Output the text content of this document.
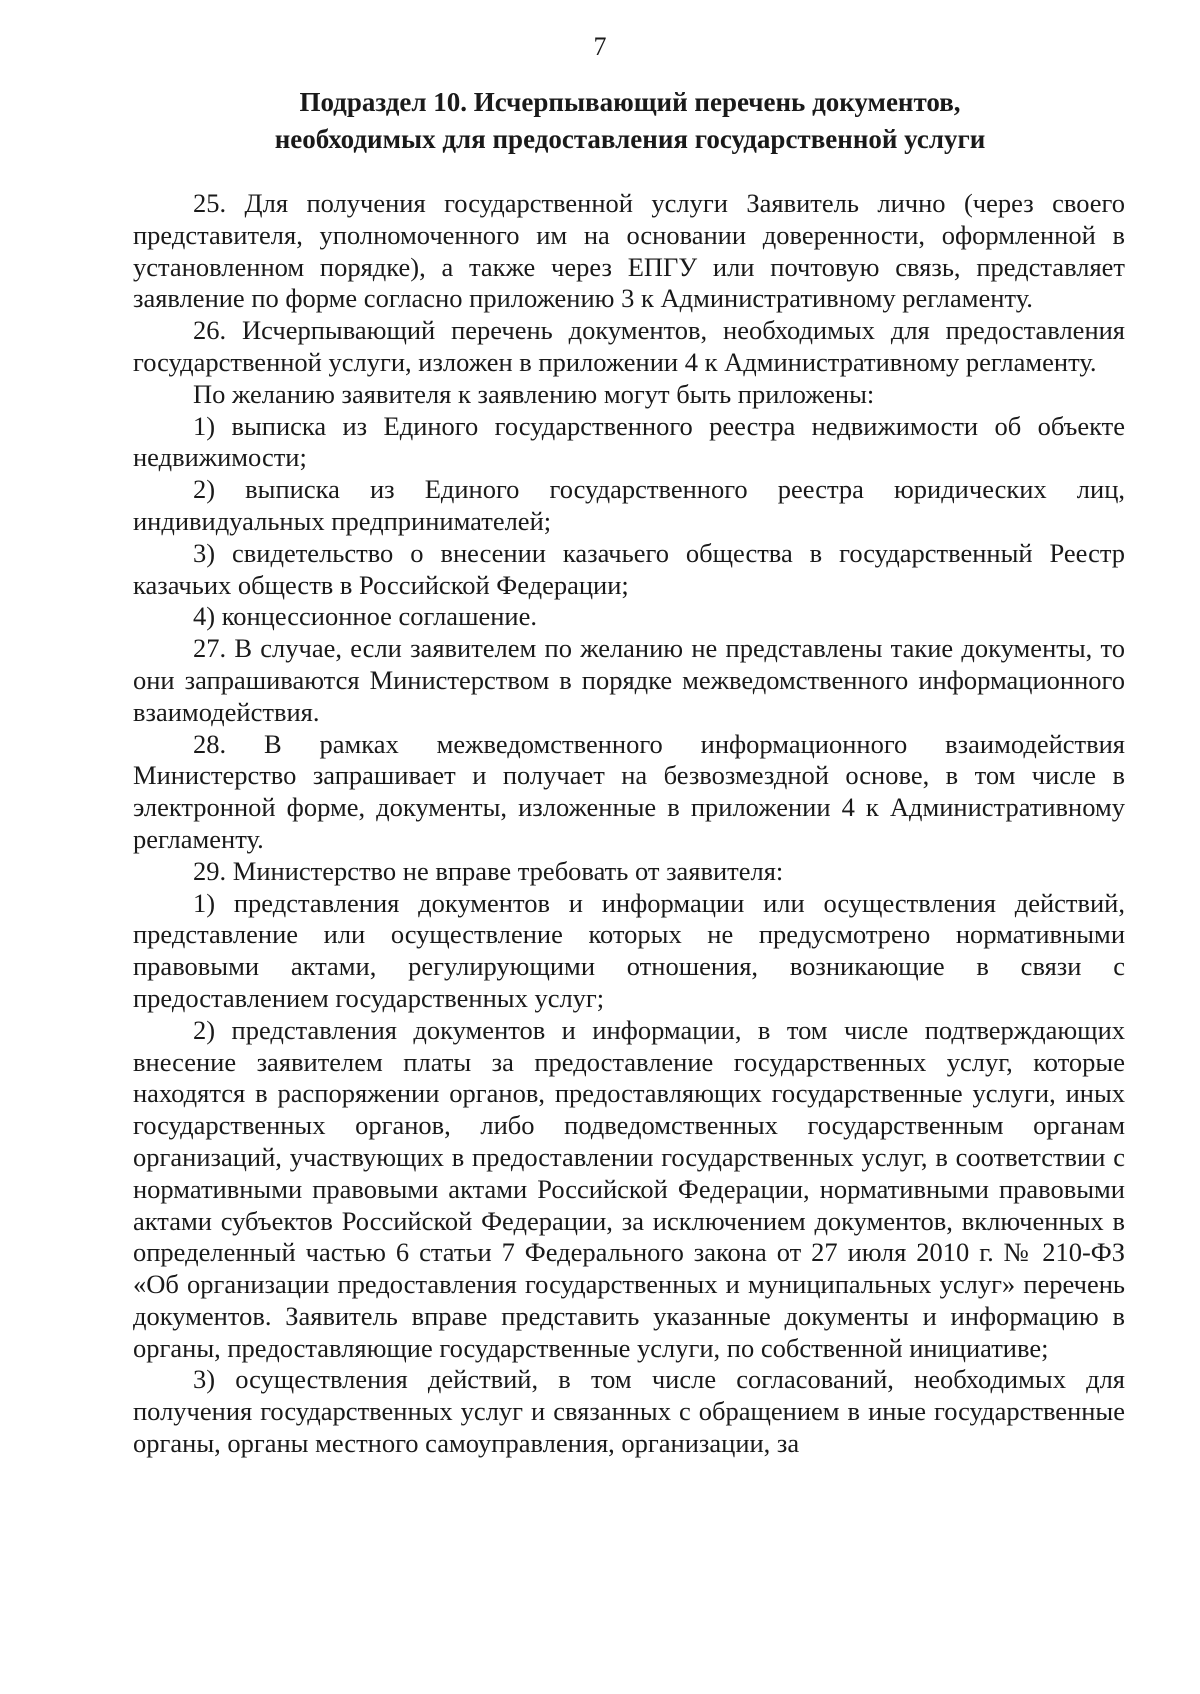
7
Подраздел 10. Исчерпывающий перечень документов,
необходимых для предоставления государственной услуги

25. Для получения государственной услуги Заявитель лично (через своего представителя, уполномоченного им на основании доверенности, оформленной в установленном порядке), а также через ЕПГУ или почтовую связь, представляет заявление по форме согласно приложению 3 к Административному регламенту.

26. Исчерпывающий перечень документов, необходимых для предоставления государственной услуги, изложен в приложении 4 к Административному регламенту.

По желанию заявителя к заявлению могут быть приложены:

1) выписка из Единого государственного реестра недвижимости об объекте недвижимости;

2) выписка из Единого государственного реестра юридических лиц, индивидуальных предпринимателей;

3) свидетельство о внесении казачьего общества в государственный Реестр казачьих обществ в Российской Федерации;

4) концессионное соглашение.

27. В случае, если заявителем по желанию не представлены такие документы, то они запрашиваются Министерством в порядке межведомственного информационного взаимодействия.

28. В рамках межведомственного информационного взаимодействия Министерство запрашивает и получает на безвозмездной основе, в том числе в электронной форме, документы, изложенные в приложении 4 к Административному регламенту.

29. Министерство не вправе требовать от заявителя:

1) представления документов и информации или осуществления действий, представление или осуществление которых не предусмотрено нормативными правовыми актами, регулирующими отношения, возникающие в связи с предоставлением государственных услуг;

2) представления документов и информации, в том числе подтверждающих внесение заявителем платы за предоставление государственных услуг, которые находятся в распоряжении органов, предоставляющих государственные услуги, иных государственных органов, либо подведомственных государственным органам организаций, участвующих в предоставлении государственных услуг, в соответствии с нормативными правовыми актами Российской Федерации, нормативными правовыми актами субъектов Российской Федерации, за исключением документов, включенных в определенный частью 6 статьи 7 Федерального закона от 27 июля 2010 г. № 210-ФЗ «Об организации предоставления государственных и муниципальных услуг» перечень документов. Заявитель вправе представить указанные документы и информацию в органы, предоставляющие государственные услуги, по собственной инициативе;

3) осуществления действий, в том числе согласований, необходимых для получения государственных услуг и связанных с обращением в иные государственные органы, органы местного самоуправления, организации, за
